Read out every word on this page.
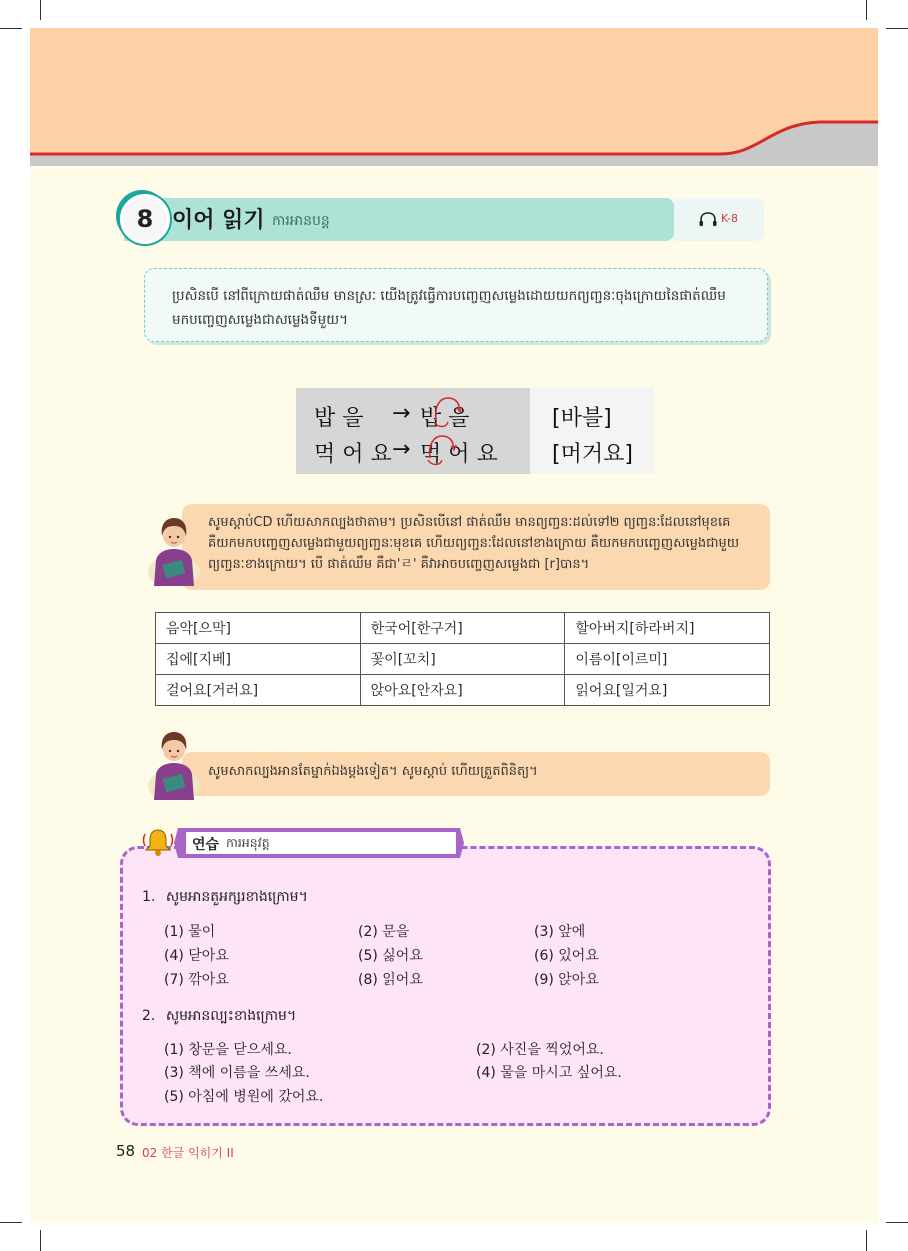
8 이어 읽기 ការអានបន្ត	K-8
ប្រសិនបើ នៅពីក្រោយផាត់ឈឹម មានស្រៈ យើងត្រូវធ្វើការបញ្ចេញសម្លេងដោយយកព្យញ្ជនៈចុងក្រោយនៃផាត់ឈឹម មកបញ្ចេញសម្លេងជាសម្លេងទីមួយ។
밥 을 → 밥 을	[바블]
먹 어 요 → 먹 어 요 [머거요]
សូមស្តាប់CD ហើយសាកល្បងថាតាម។ ប្រសិនបើនៅ ផាត់ឈឹម មានព្យញ្ជនៈដល់ទៅ២ ព្យញ្ជនៈដែលនៅមុខគេ គឺយកមកបញ្ចេញសម្លេងជាមួយព្យញ្ជនៈមុខគេ ហើយព្យញ្ជនៈដែលនៅខាងក្រោយ គឺយកមកបញ្ចេញសម្លេងជាមួយព្យញ្ជនៈខាងក្រោយ។ បើ ផាត់ឈឹម គឺជា'ㄹ' គឺវាអាចបញ្ចេញសម្លេងជា [r]បាន។
음악[으막]	한국어[한구거]	할아버지[하라버지]
집에[지베]	꽃이[꼬치]	이름이[이르미]
걸어요[거러요]	앉아요[안자요]	읽어요[일거요]
សូមសាកល្បងអានតែម្នាក់ឯងម្តងទៀត។ សូមស្តាប់ ហើយត្រួតពិនិត្យ។
연습 ការអនុវត្ត
1. សូមអានតួអក្សរខាងក្រោម។
(1) 물이	(2) 문을	(3) 앞에
(4) 닫아요	(5) 싫어요	(6) 있어요
(7) 깎아요	(8) 읽어요	(9) 앉아요
2. សូមអានល្បះខាងក្រោម។
(1) 창문을 닫으세요.	(2) 사진을 찍었어요.
(3) 책에 이름을 쓰세요.	(4) 물을 마시고 싶어요.
(5) 아침에 병원에 갔어요.
58 02 한글 익히기 II
